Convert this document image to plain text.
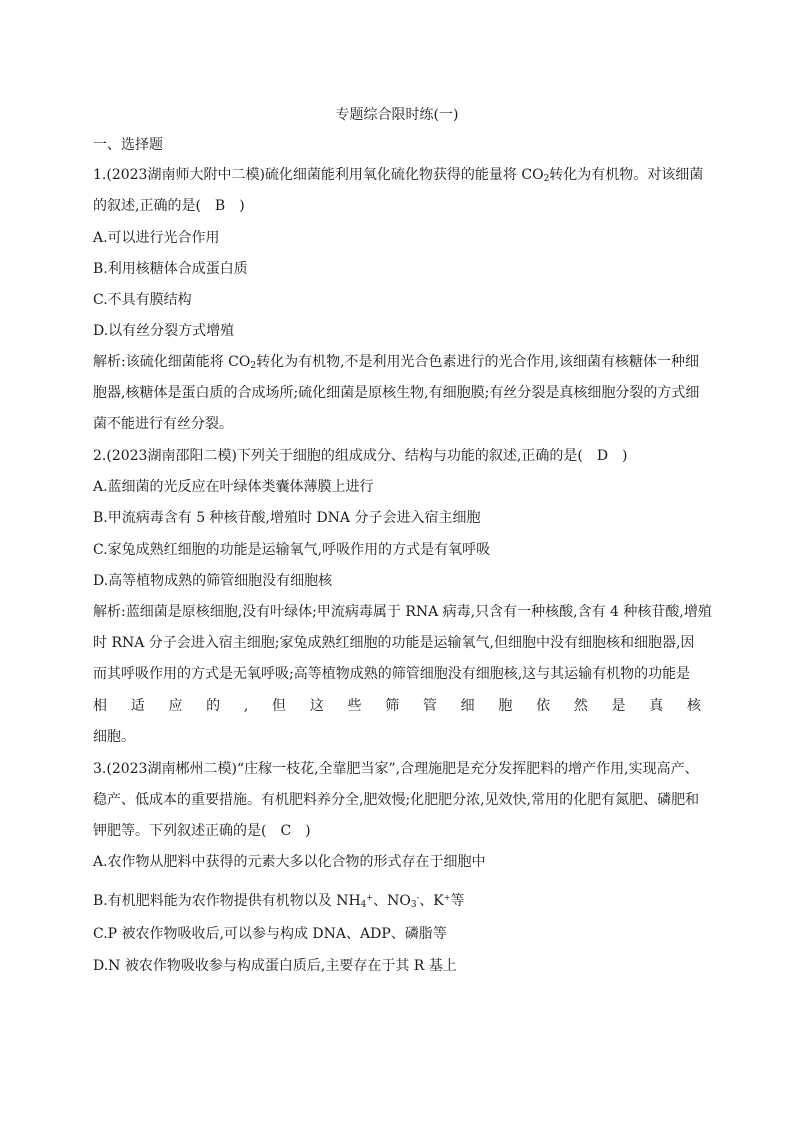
专题综合限时练(一)
一、选择题
1.(2023湖南师大附中二模)硫化细菌能利用氧化硫化物获得的能量将 $CO_2$转化为有机物。对该细菌
的叙述,正确的是(　B　)
A.可以进行光合作用
B.利用核糖体合成蛋白质
C.不具有膜结构
D.以有丝分裂方式增殖
解析:该硫化细菌能将 $CO_2$转化为有机物,不是利用光合色素进行的光合作用,该细菌有核糖体一种细
胞器,核糖体是蛋白质的合成场所;硫化细菌是原核生物,有细胞膜;有丝分裂是真核细胞分裂的方式细
菌不能进行有丝分裂。
2.(2023湖南邵阳二模)下列关于细胞的组成成分、结构与功能的叙述,正确的是(　D　)
A.蓝细菌的光反应在叶绿体类囊体薄膜上进行
B.甲流病毒含有 5 种核苷酸,增殖时 DNA 分子会进入宿主细胞
C.家兔成熟红细胞的功能是运输氧气,呼吸作用的方式是有氧呼吸
D.高等植物成熟的筛管细胞没有细胞核
解析:蓝细菌是原核细胞,没有叶绿体;甲流病毒属于 RNA 病毒,只含有一种核酸,含有 4 种核苷酸,增殖
时 RNA 分子会进入宿主细胞;家兔成熟红细胞的功能是运输氧气,但细胞中没有细胞核和细胞器,因
而其呼吸作用的方式是无氧呼吸;高等植物成熟的筛管细胞没有细胞核,这与其运输有机物的功能是
相 适 应 的 , 但 这 些 筛 管 细 胞 依 然 是 真 核
细胞。
3.(2023湖南郴州二模)“庄稼一枝花,全靠肥当家”,合理施肥是充分发挥肥料的增产作用,实现高产、
稳产、低成本的重要措施。有机肥料养分全,肥效慢;化肥肥分浓,见效快,常用的化肥有氮肥、磷肥和
钾肥等。下列叙述正确的是(　C　)
A.农作物从肥料中获得的元素大多以化合物的形式存在于细胞中
B.有机肥料能为农作物提供有机物以及 $NH_4^+$、$NO_3^-$、K+等
C.P 被农作物吸收后,可以参与构成 DNA、ADP、磷脂等
D.N 被农作物吸收参与构成蛋白质后,主要存在于其 R 基上
